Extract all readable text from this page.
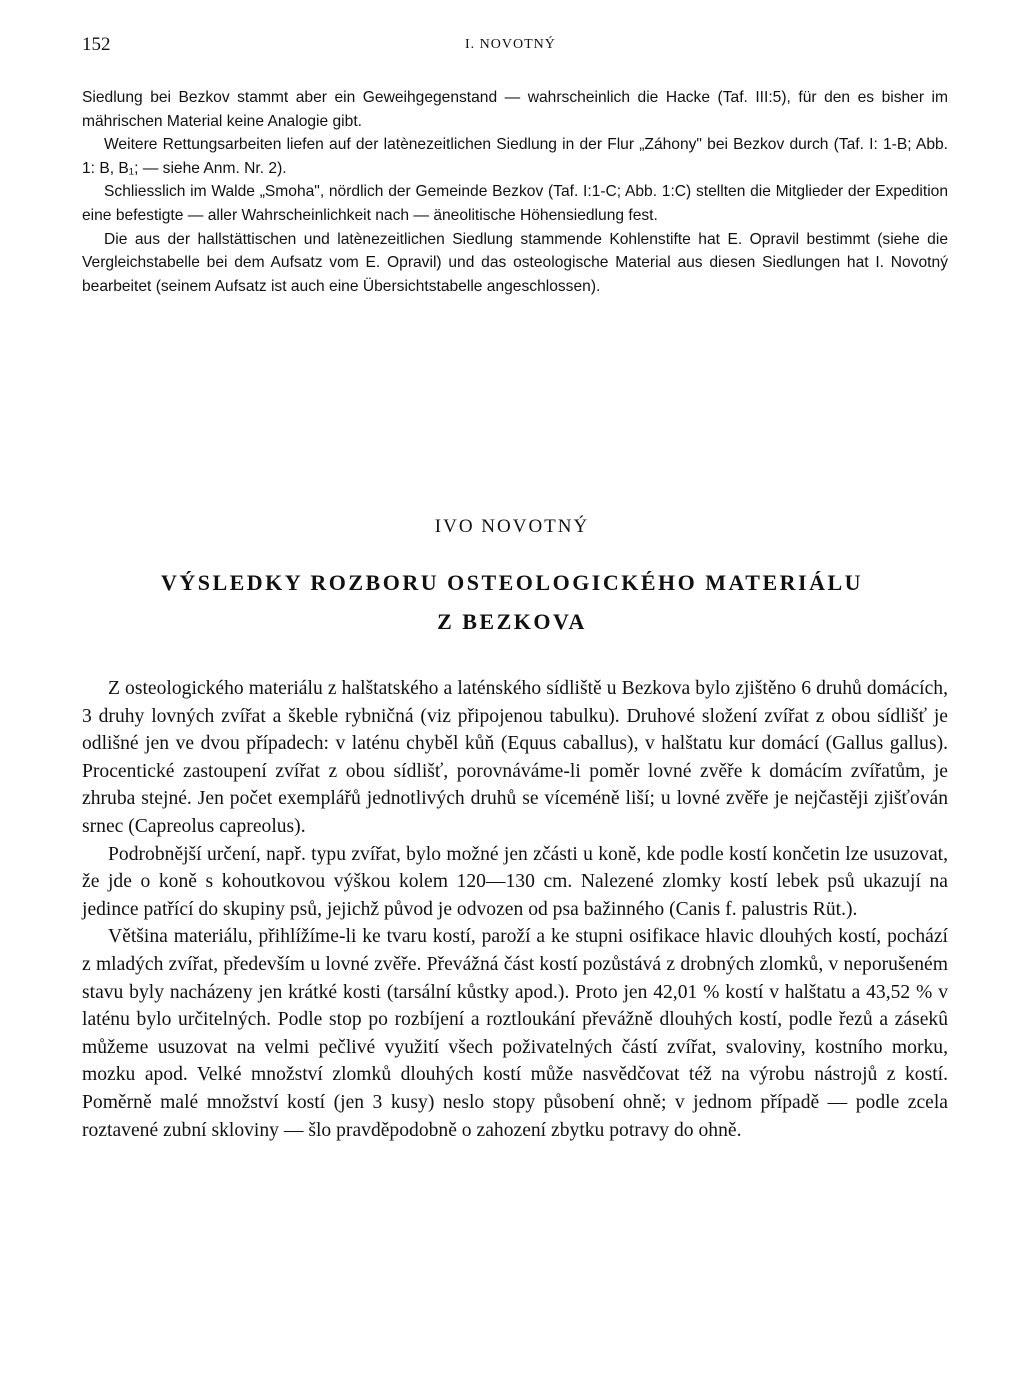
152	I. NOVOTNÝ

Siedlung bei Bezkov stammt aber ein Geweihgegenstand — wahrscheinlich die Hacke (Taf. III:5), für den es bisher im mährischen Material keine Analogie gibt.

Weitere Rettungsarbeiten liefen auf der latènezeitlichen Siedlung in der Flur „Záhony" bei Bezkov durch (Taf. I: 1-B; Abb. 1: B, B₁; — siehe Anm. Nr. 2).

Schliesslich im Walde „Smoha", nördlich der Gemeinde Bezkov (Taf. I:1-C; Abb. 1:C) stellten die Mitglieder der Expedition eine befestigte — aller Wahrscheinlichkeit nach — äneolitische Höhensiedlung fest.

Die aus der hallstättischen und latènezeitlichen Siedlung stammende Kohlenstifte hat E. Opravil bestimmt (siehe die Vergleichstabelle bei dem Aufsatz vom E. Opravil) und das osteologische Material aus diesen Siedlungen hat I. Novotný bearbeitet (seinem Aufsatz ist auch eine Übersichtstabelle angeschlossen).

IVO NOVOTNÝ
VÝSLEDKY ROZBORU OSTEOLOGICKÉHO MATERIÁLU
Z BEZKOVA

Z osteologického materiálu z halštatského a laténského sídliště u Bezkova bylo zjištěno 6 druhů domácích, 3 druhy lovných zvířat a škeble rybničná (viz připojenou tabulku). Druhové složení zvířat z obou sídlišť je odlišné jen ve dvou případech: v laténu chyběl kůň (Equus caballus), v halštatu kur domácí (Gallus gallus). Procentické zastoupení zvířat z obou sídlišť, porovnáváme-li poměr lovné zvěře k domácím zvířatům, je zhruba stejné. Jen počet exemplářů jednotlivých druhů se víceméně liší; u lovné zvěře je nejčastěji zjišťován srnec (Capreolus capreolus).

Podrobnější určení, např. typu zvířat, bylo možné jen zčásti u koně, kde podle kostí končetin lze usuzovat, že jde o koně s kohoutkovou výškou kolem 120—130 cm. Nalezené zlomky kostí lebek psů ukazují na jedince patřící do skupiny psů, jejichž původ je odvozen od psa bažinného (Canis f. palustris Rüt.).

Většina materiálu, přihlížíme-li ke tvaru kostí, paroží a ke stupni osifikace hlavic dlouhých kostí, pochází z mladých zvířat, především u lovné zvěře. Převážná část kostí pozůstává z drobných zlomků, v neporušeném stavu byly nacházeny jen krátké kosti (tarsální kůstky apod.). Proto jen 42,01 % kostí v halštatu a 43,52 % v laténu bylo určitelných. Podle stop po rozbíjení a roztloukání převážně dlouhých kostí, podle řezů a zásekû můžeme usuzovat na velmi pečlivé využití všech poživatelných částí zvířat, svaloviny, kostního morku, mozku apod. Velké množství zlomků dlouhých kostí může nasvědčovat též na výrobu nástrojů z kostí. Poměrně malé množství kostí (jen 3 kusy) neslo stopy působení ohně; v jednom případě — podle zcela roztavené zubní skloviny — šlo pravděpodobně o zahození zbytku potravy do ohně.
